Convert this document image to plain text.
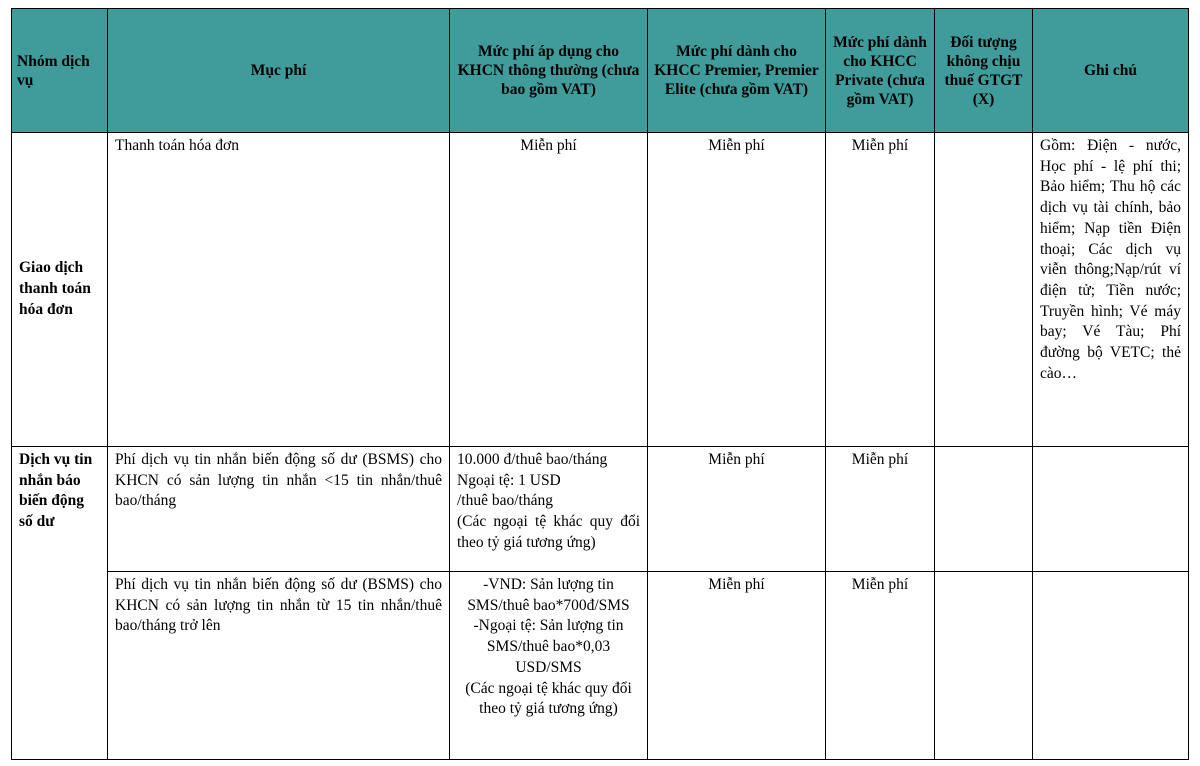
Nhóm dịch vụ	Mục phí	Mức phí áp dụng cho KHCN thông thường (chưa bao gồm VAT)	Mức phí dành cho KHCC Premier, Premier Elite (chưa gồm VAT)	Mức phí dành cho KHCC Private (chưa gồm VAT)	Đối tượng không chịu thuế GTGT (X)	Ghi chú
Giao dịch thanh toán hóa đơn	Thanh toán hóa đơn	Miễn phí	Miễn phí	Miễn phí		Gồm: Điện - nước, Học phí - lệ phí thi; Bảo hiểm; Thu hộ các dịch vụ tài chính, bảo hiểm; Nạp tiền Điện thoại; Các dịch vụ viễn thông;Nạp/rút ví điện tử; Tiền nước; Truyền hình; Vé máy bay; Vé Tàu; Phí đường bộ VETC; thẻ cào…
Dịch vụ tin nhắn báo biến động số dư	Phí dịch vụ tin nhắn biến động số dư (BSMS) cho KHCN có sản lượng tin nhắn <15 tin nhắn/thuê bao/tháng	10.000 đ/thuê bao/tháng
Ngoại tệ: 1 USD
/thuê bao/tháng
(Các ngoại tệ khác quy đổi theo tỷ giá tương ứng)	Miễn phí	Miễn phí		
	Phí dịch vụ tin nhắn biến động số dư (BSMS) cho KHCN có sản lượng tin nhắn từ 15 tin nhắn/thuê bao/tháng trở lên	-VND: Sản lượng tin SMS/thuê bao*700đ/SMS
-Ngoại tệ: Sản lượng tin SMS/thuê bao*0,03 USD/SMS
(Các ngoại tệ khác quy đổi theo tỷ giá tương ứng)	Miễn phí	Miễn phí		
